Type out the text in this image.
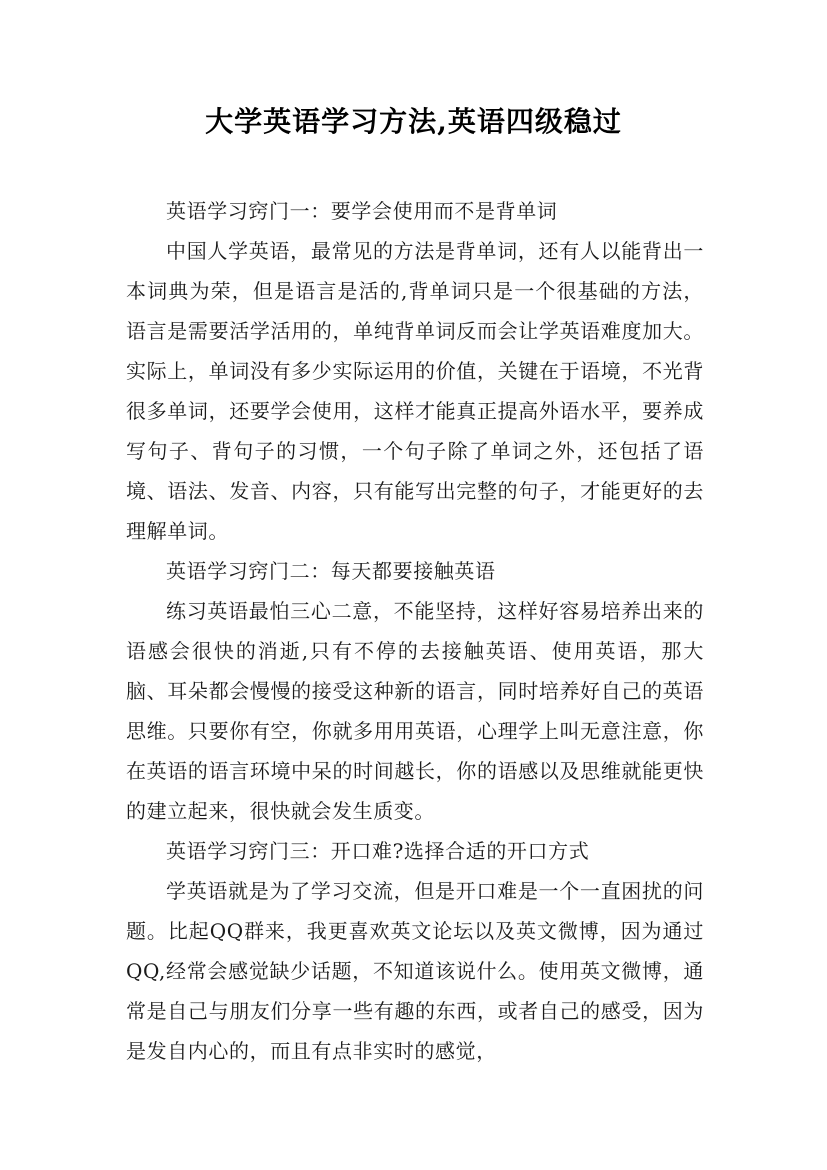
大学英语学习方法,英语四级稳过

英语学习窍门一：要学会使用而不是背单词

中国人学英语，最常见的方法是背单词，还有人以能背出一本词典为荣，但是语言是活的,背单词只是一个很基础的方法，语言是需要活学活用的，单纯背单词反而会让学英语难度加大。实际上，单词没有多少实际运用的价值，关键在于语境，不光背很多单词，还要学会使用，这样才能真正提高外语水平，要养成写句子、背句子的习惯，一个句子除了单词之外，还包括了语境、语法、发音、内容，只有能写出完整的句子，才能更好的去理解单词。

英语学习窍门二：每天都要接触英语

练习英语最怕三心二意，不能坚持，这样好容易培养出来的语感会很快的消逝,只有不停的去接触英语、使用英语，那大脑、耳朵都会慢慢的接受这种新的语言，同时培养好自己的英语思维。只要你有空，你就多用用英语，心理学上叫无意注意，你在英语的语言环境中呆的时间越长，你的语感以及思维就能更快的建立起来，很快就会发生质变。

英语学习窍门三：开口难?选择合适的开口方式

学英语就是为了学习交流，但是开口难是一个一直困扰的问题。比起QQ群来，我更喜欢英文论坛以及英文微博，因为通过QQ,经常会感觉缺少话题，不知道该说什么。使用英文微博，通常是自己与朋友们分享一些有趣的东西，或者自己的感受，因为是发自内心的，而且有点非实时的感觉，
